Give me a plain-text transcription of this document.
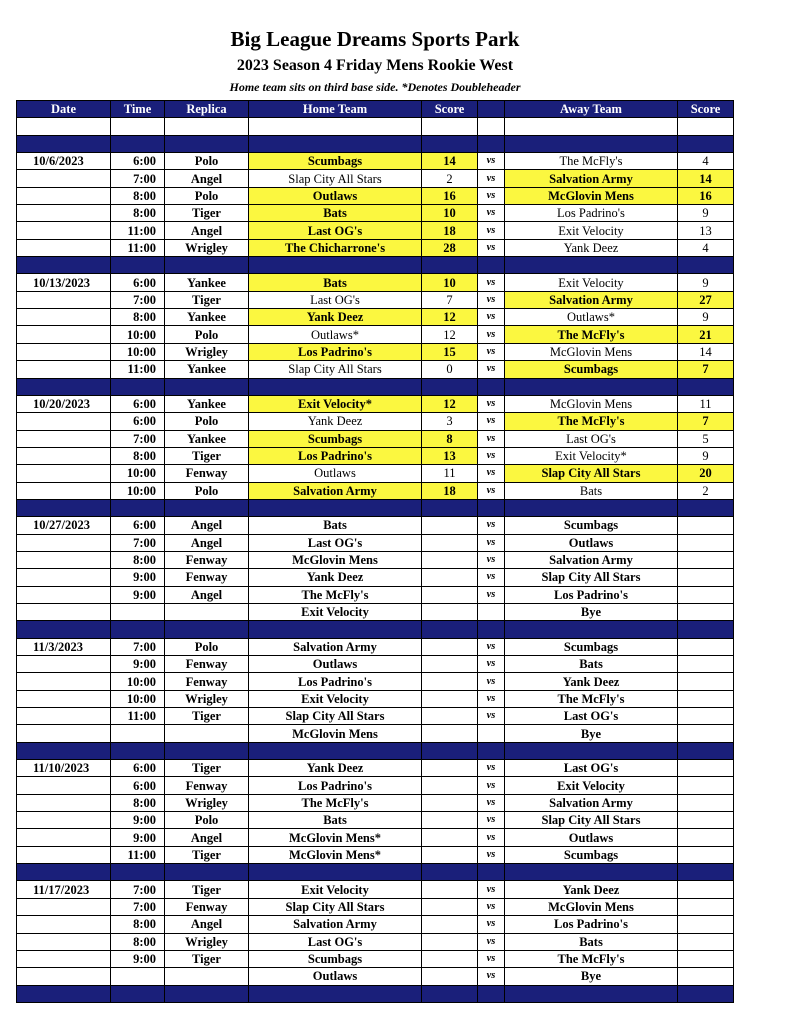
Big League Dreams Sports Park
2023 Season 4 Friday Mens Rookie West
Home team sits on third base side. *Denotes Doubleheader
Date	Time	Replica	Home Team	Score		Away Team	Score

10/6/2023	6:00	Polo	Scumbags	14	vs	The McFly's	4
	7:00	Angel	Slap City All Stars	2	vs	Salvation Army	14
	8:00	Polo	Outlaws	16	vs	McGlovin Mens	16
	8:00	Tiger	Bats	10	vs	Los Padrino's	9
	11:00	Angel	Last OG's	18	vs	Exit Velocity	13
	11:00	Wrigley	The Chicharrone's	28	vs	Yank Deez	4

10/13/2023	6:00	Yankee	Bats	10	vs	Exit Velocity	9
	7:00	Tiger	Last OG's	7	vs	Salvation Army	27
	8:00	Yankee	Yank Deez	12	vs	Outlaws*	9
	10:00	Polo	Outlaws*	12	vs	The McFly's	21
	10:00	Wrigley	Los Padrino's	15	vs	McGlovin Mens	14
	11:00	Yankee	Slap City All Stars	0	vs	Scumbags	7

10/20/2023	6:00	Yankee	Exit Velocity*	12	vs	McGlovin Mens	11
	6:00	Polo	Yank Deez	3	vs	The McFly's	7
	7:00	Yankee	Scumbags	8	vs	Last OG's	5
	8:00	Tiger	Los Padrino's	13	vs	Exit Velocity*	9
	10:00	Fenway	Outlaws	11	vs	Slap City All Stars	20
	10:00	Polo	Salvation Army	18	vs	Bats	2

10/27/2023	6:00	Angel	Bats		vs	Scumbags	
	7:00	Angel	Last OG's		vs	Outlaws	
	8:00	Fenway	McGlovin Mens		vs	Salvation Army	
	9:00	Fenway	Yank Deez		vs	Slap City All Stars	
	9:00	Angel	The McFly's		vs	Los Padrino's	
			Exit Velocity			Bye	

11/3/2023	7:00	Polo	Salvation Army		vs	Scumbags	
	9:00	Fenway	Outlaws		vs	Bats	
	10:00	Fenway	Los Padrino's		vs	Yank Deez	
	10:00	Wrigley	Exit Velocity		vs	The McFly's	
	11:00	Tiger	Slap City All Stars		vs	Last OG's	
			McGlovin Mens			Bye	

11/10/2023	6:00	Tiger	Yank Deez		vs	Last OG's	
	6:00	Fenway	Los Padrino's		vs	Exit Velocity	
	8:00	Wrigley	The McFly's		vs	Salvation Army	
	9:00	Polo	Bats		vs	Slap City All Stars	
	9:00	Angel	McGlovin Mens*		vs	Outlaws	
	11:00	Tiger	McGlovin Mens*		vs	Scumbags	

11/17/2023	7:00	Tiger	Exit Velocity		vs	Yank Deez	
	7:00	Fenway	Slap City All Stars		vs	McGlovin Mens	
	8:00	Angel	Salvation Army		vs	Los Padrino's	
	8:00	Wrigley	Last OG's		vs	Bats	
	9:00	Tiger	Scumbags		vs	The McFly's	
			Outlaws		vs	Bye	
